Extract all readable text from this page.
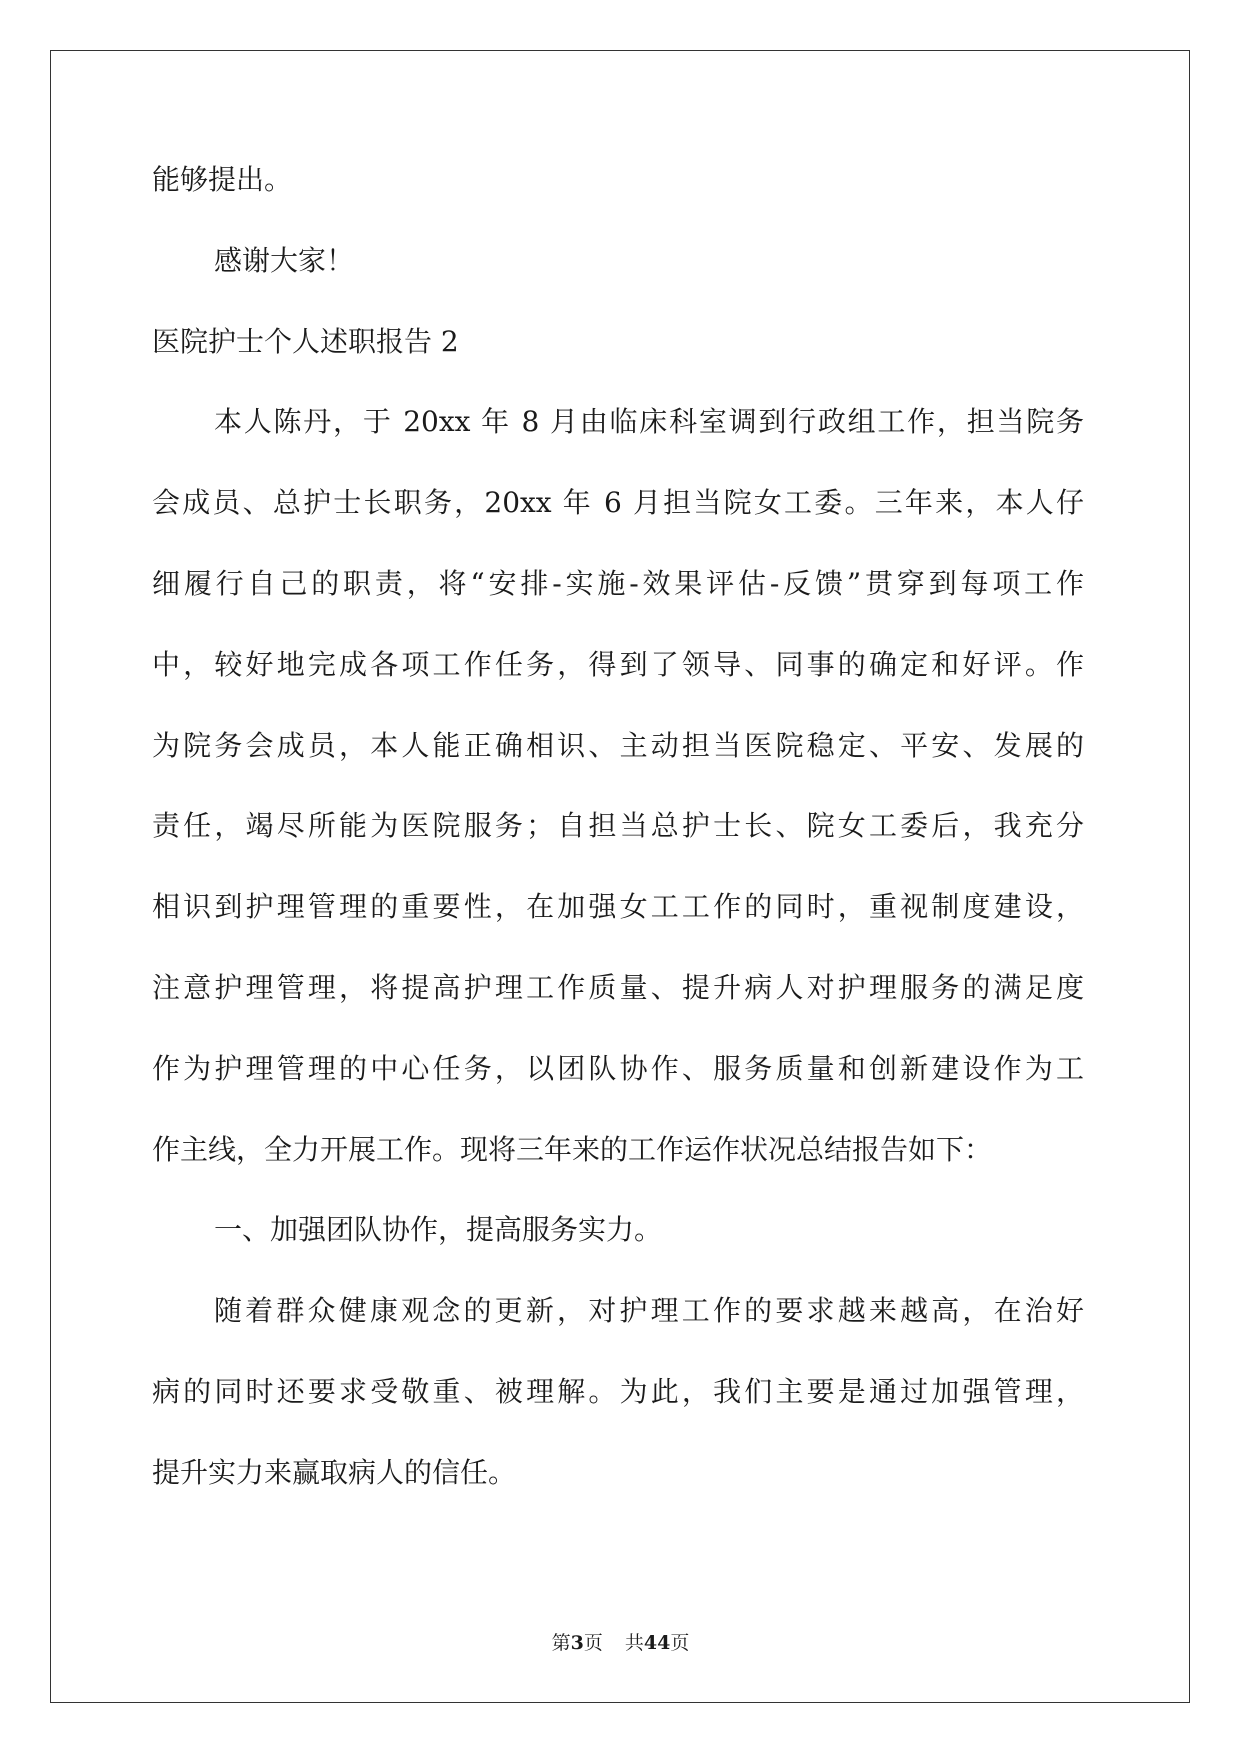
能够提出。
感谢大家！
医院护士个人述职报告 2
本人陈丹，于 20xx 年 8 月由临床科室调到行政组工作，担当院务
会成员、总护士长职务，20xx 年 6 月担当院女工委。三年来，本人仔
细履行自己的职责，将“安排-实施-效果评估-反馈”贯穿到每项工作
中，较好地完成各项工作任务，得到了领导、同事的确定和好评。作
为院务会成员，本人能正确相识、主动担当医院稳定、平安、发展的
责任，竭尽所能为医院服务；自担当总护士长、院女工委后，我充分
相识到护理管理的重要性，在加强女工工作的同时，重视制度建设，
注意护理管理，将提高护理工作质量、提升病人对护理服务的满足度
作为护理管理的中心任务，以团队协作、服务质量和创新建设作为工
作主线，全力开展工作。现将三年来的工作运作状况总结报告如下：
一、加强团队协作，提高服务实力。
随着群众健康观念的更新，对护理工作的要求越来越高，在治好
病的同时还要求受敬重、被理解。为此，我们主要是通过加强管理，
提升实力来赢取病人的信任。
第3页 共44页
